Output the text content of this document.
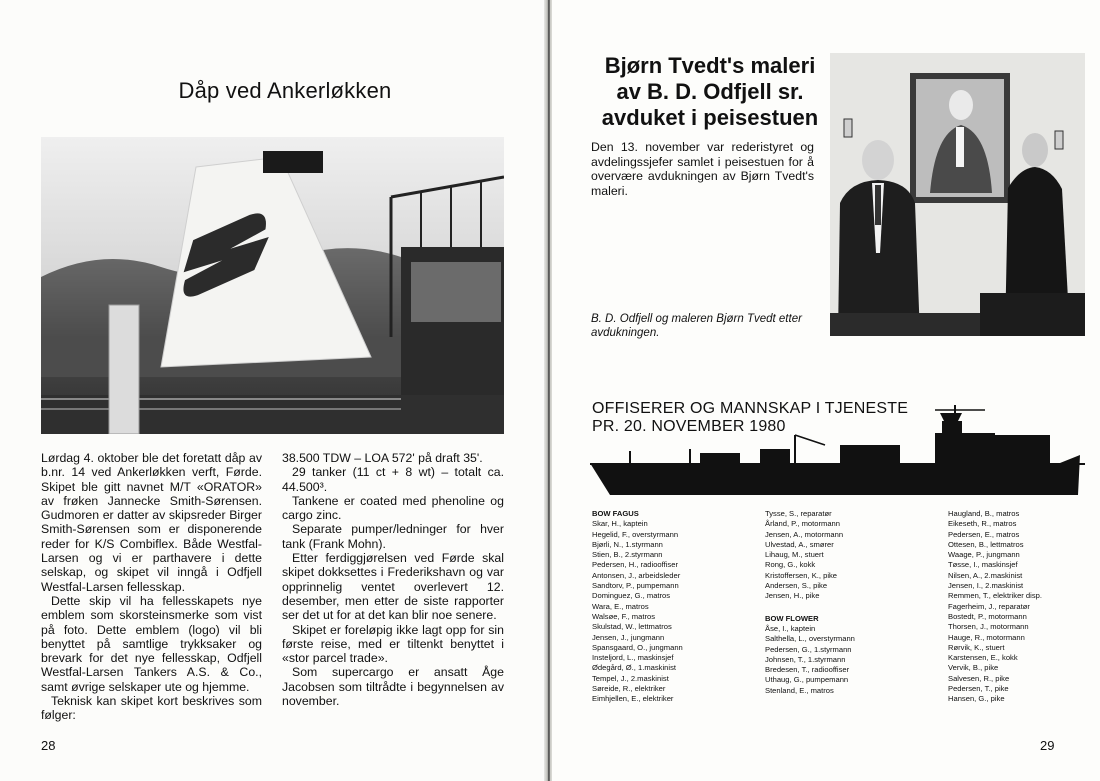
Dåp ved Ankerløkken

Lørdag 4. oktober ble det foretatt dåp av b.nr. 14 ved Ankerløkken verft, Førde. Skipet ble gitt navnet M/T «ORATOR» av frøken Jannecke Smith-Sørensen. Gudmoren er datter av skipsreder Birger Smith-Sørensen som er disponerende reder for K/S Combiflex. Både Westfal-Larsen og vi er parthavere i dette selskap, og skipet vil inngå i Odfjell Westfal-Larsen fellesskap.

Dette skip vil ha fellesskapets nye emblem som skorsteinsmerke som vist på foto. Dette emblem (logo) vil bli benyttet på samtlige trykksaker og brevark for det nye fellesskap, Odfjell Westfal-Larsen Tankers A.S. & Co., samt øvrige selskaper ute og hjemme.

Teknisk kan skipet kort beskrives som følger:

38.500 TDW – LOA 572' på draft 35'.

29 tanker (11 ct + 8 wt) – totalt ca. 44.500³.

Tankene er coated med phenoline og cargo zinc.

Separate pumper/ledninger for hver tank (Frank Mohn).

Etter ferdiggjørelsen ved Førde skal skipet dokksettes i Frederikshavn og var opprinnelig ventet overlevert 12. desember, men etter de siste rapporter ser det ut for at det kan blir noe senere.

Skipet er foreløpig ikke lagt opp for sin første reise, med er tiltenkt benyttet i «stor parcel trade».

Som supercargo er ansatt Åge Jacobsen som tiltrådte i begynnelsen av november.

28
Bjørn Tvedt's maleri av B. D. Odfjell sr. avduket i peisestuen

Den 13. november var rederistyret og avdelingssjefer samlet i peisestuen for å overvære avdukningen av Bjørn Tvedt's maleri.

B. D. Odfjell og maleren Bjørn Tvedt etter avdukningen.

OFFISERER OG MANNSKAP I TJENESTE
PR. 20. NOVEMBER 1980
BOW FAGUS
Skar, H., kaptein
Hegelid, F., overstyrmann
Bjørli, N., 1.styrmann
Stien, B., 2.styrmann
Pedersen, H., radiooffiser
Antonsen, J., arbeidsleder
Sandtorv, P., pumpemann
Dominguez, G., matros
Wara, E., matros
Walsøe, F., matros
Skulstad, W., lettmatros
Jensen, J., jungmann
Spansgaard, O., jungmann
Insteljord, L., maskinsjef
Ødegård, Ø., 1.maskinist
Tempel, J., 2.maskinist
Søreide, R., elektriker
Eimhjellen, E., elektriker
Tysse, S., reparatør
Årland, P., motormann
Jensen, A., motormann
Ulvestad, A., smører
Lihaug, M., stuert
Rong, G., kokk
Kristoffersen, K., pike
Andersen, S., pike
Jensen, H., pike
BOW FLOWER
Åse, I., kaptein
Salthella, L., overstyrmann
Pedersen, G., 1.styrmann
Johnsen, T., 1.styrmann
Bredesen, T., radiooffiser
Uthaug, G., pumpemann
Stenland, E., matros
Haugland, B., matros
Eikeseth, R., matros
Pedersen, E., matros
Ottesen, B., lettmatros
Waage, P., jungmann
Tøsse, I., maskinsjef
Nilsen, A., 2.maskinist
Jensen, I., 2.maskinist
Remmen, T., elektriker disp.
Fagerheim, J., reparatør
Bostedt, P., motormann
Thorsen, J., motormann
Hauge, R., motormann
Rørvik, K., stuert
Karstensen, E., kokk
Vervik, B., pike
Salvesen, R., pike
Pedersen, T., pike
Hansen, G., pike
29
